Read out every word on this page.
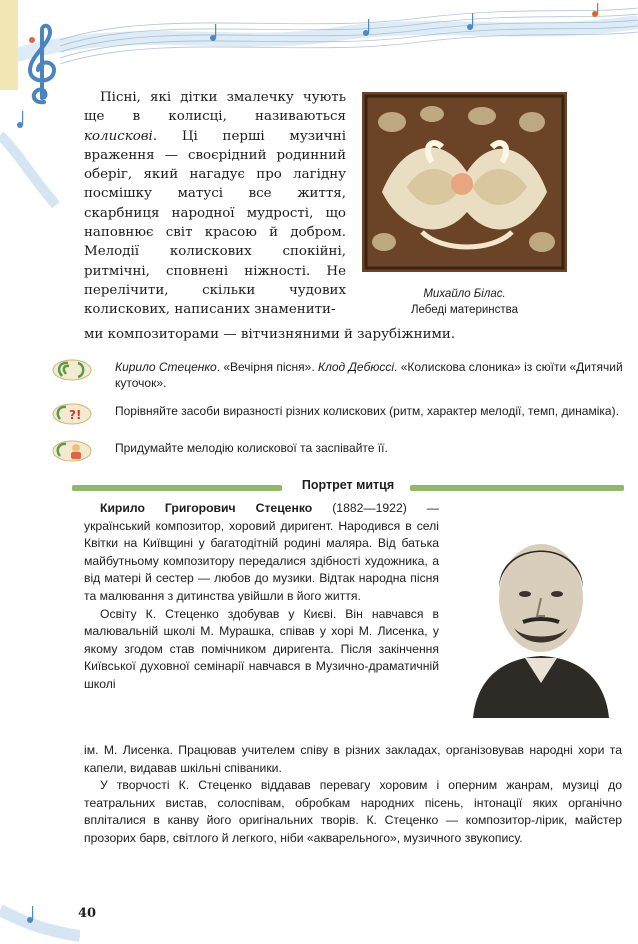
Пісні, які дітки змалечку чують ще в колисці, називаються колискові. Ці перші музичні враження — своєрідний родинний оберіг, який нагадує про лагідну посмішку матусі все життя, скарбниця народної мудрості, що наповнює світ красою й добром. Мелодії колискових спокійні, ритмічні, сповнені ніжності. Не перелічити, скільки чудових колискових, написаних знаменити-

ми композиторами — вітчизняними й зарубіжними.
Михайло Білас.
Лебеді материнства
Кирило Стеценко. «Вечірня пісня». Клод Дебюссі. «Колискова слоника» із сюїти «Дитячий куточок».
?!	Порівняйте засоби виразності різних колискових (ритм, характер мелодії, темп, динаміка).
Придумайте мелодію колискової та заспівайте її.
Портрет митця

Кирило Григорович Стеценко (1882—1922) — український композитор, хоровий диригент. Народився в селі Квітки на Київщині у багатодітній родині маляра. Від батька майбутньому композитору передалися здібності художника, а від матері й сестер — любов до музики. Відтак народна пісня та малювання з дитинства увійшли в його життя.

Освіту К. Стеценко здобував у Києві. Він навчався в малювальній школі М. Мурашка, співав у хорі М. Лисенка, у якому згодом став помічником диригента. Після закінчення Київської духовної семінарії навчався в Музично-драматичній школі

ім. М. Лисенка. Працював учителем співу в різних закладах, організовував народні хори та капели, видавав шкільні співаники.

У творчості К. Стеценко віддавав перевагу хоровим і оперним жанрам, музиці до театральних вистав, солоспівам, обробкам народних пісень, інтонації яких органічно впліталися в канву його оригінальних творів. К. Стеценко — композитор-лірик, майстер прозорих барв, світлого й легкого, ніби «акварельного», музичного звукопису.

40
